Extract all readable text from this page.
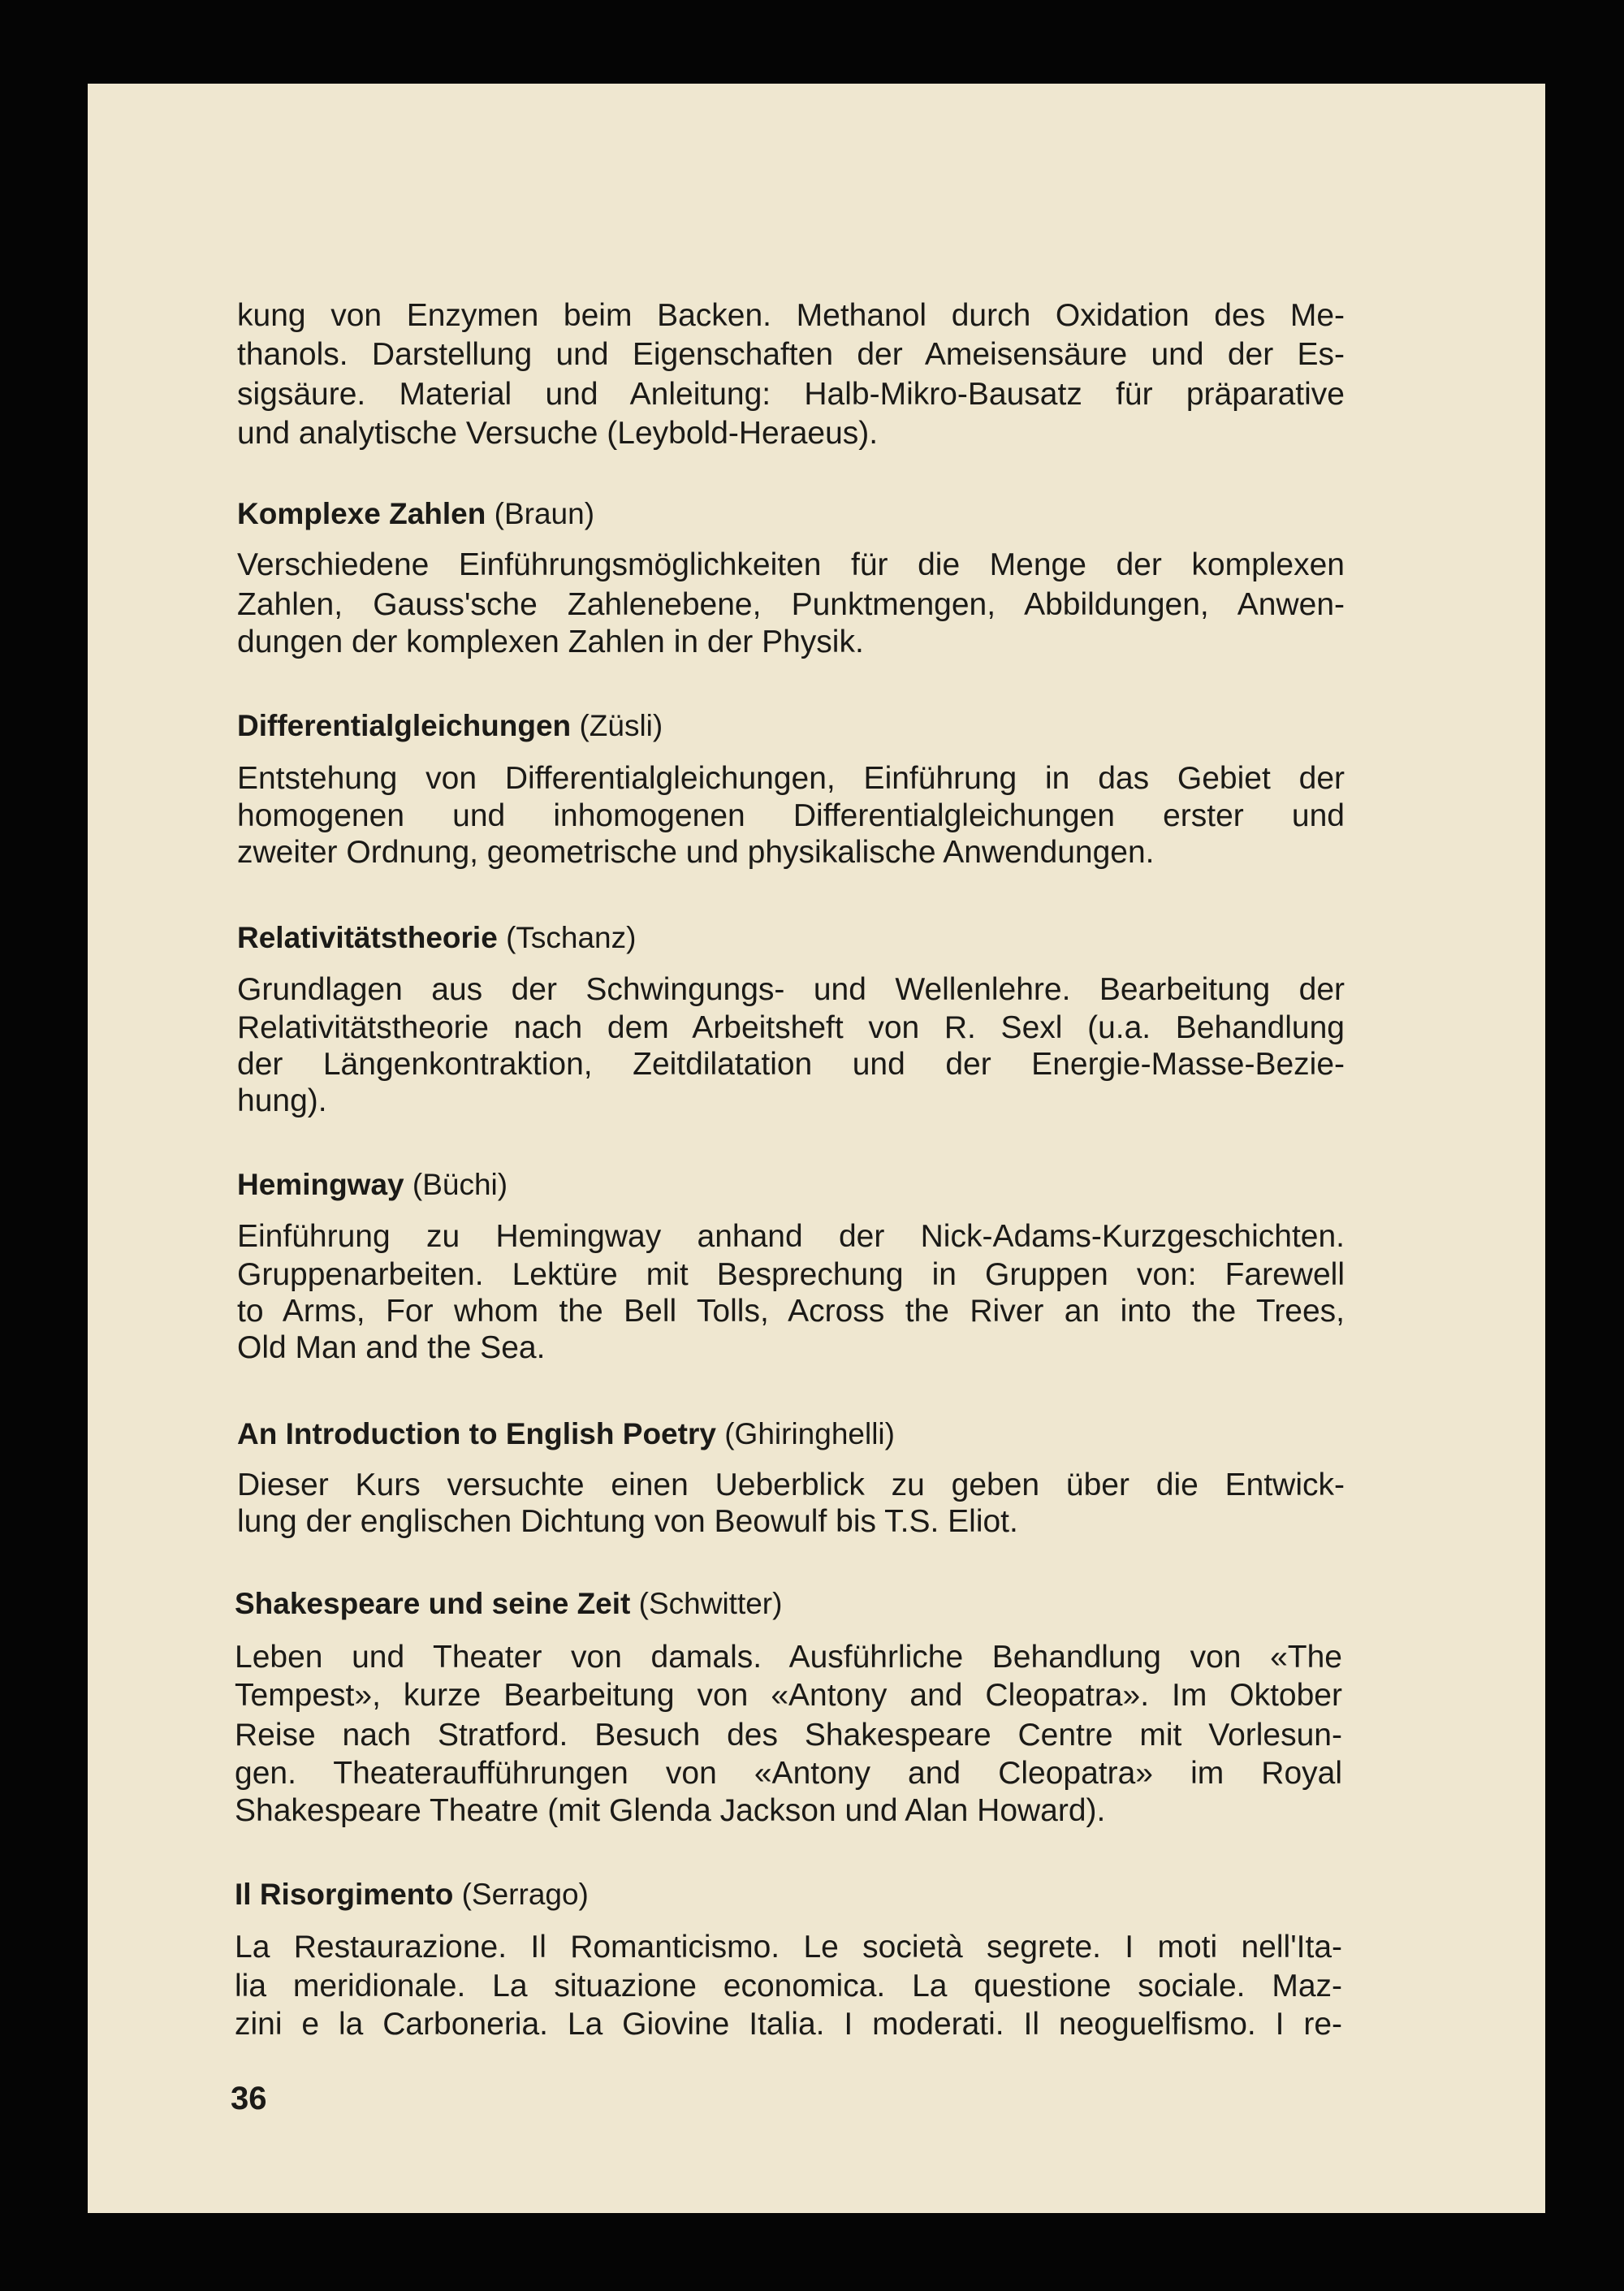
kung von Enzymen beim Backen. Methanol durch Oxidation des Me-
thanols. Darstellung und Eigenschaften der Ameisensäure und der Es-
sigsäure. Material und Anleitung: Halb-Mikro-Bausatz für präparative
und analytische Versuche (Leybold-Heraeus).
Komplexe Zahlen (Braun)
Verschiedene Einführungsmöglichkeiten für die Menge der komplexen
Zahlen, Gauss'sche Zahlenebene, Punktmengen, Abbildungen, Anwen-
dungen der komplexen Zahlen in der Physik.
Differentialgleichungen (Züsli)
Entstehung von Differentialgleichungen, Einführung in das Gebiet der
homogenen und inhomogenen Differentialgleichungen erster und
zweiter Ordnung, geometrische und physikalische Anwendungen.
Relativitätstheorie (Tschanz)
Grundlagen aus der Schwingungs- und Wellenlehre. Bearbeitung der
Relativitätstheorie nach dem Arbeitsheft von R. Sexl (u.a. Behandlung
der Längenkontraktion, Zeitdilatation und der Energie-Masse-Bezie-
hung).
Hemingway (Büchi)
Einführung zu Hemingway anhand der Nick-Adams-Kurzgeschichten.
Gruppenarbeiten. Lektüre mit Besprechung in Gruppen von: Farewell
to Arms, For whom the Bell Tolls, Across the River an into the Trees,
Old Man and the Sea.
An Introduction to English Poetry (Ghiringhelli)
Dieser Kurs versuchte einen Ueberblick zu geben über die Entwick-
lung der englischen Dichtung von Beowulf bis T.S. Eliot.
Shakespeare und seine Zeit (Schwitter)
Leben und Theater von damals. Ausführliche Behandlung von «The
Tempest», kurze Bearbeitung von «Antony and Cleopatra». Im Oktober
Reise nach Stratford. Besuch des Shakespeare Centre mit Vorlesun-
gen. Theateraufführungen von «Antony and Cleopatra» im Royal
Shakespeare Theatre (mit Glenda Jackson und Alan Howard).
Il Risorgimento (Serrago)
La Restaurazione. Il Romanticismo. Le società segrete. I moti nell'Ita-
lia meridionale. La situazione economica. La questione sociale. Maz-
zini e la Carboneria. La Giovine Italia. I moderati. Il neoguelfismo. I re-
36
